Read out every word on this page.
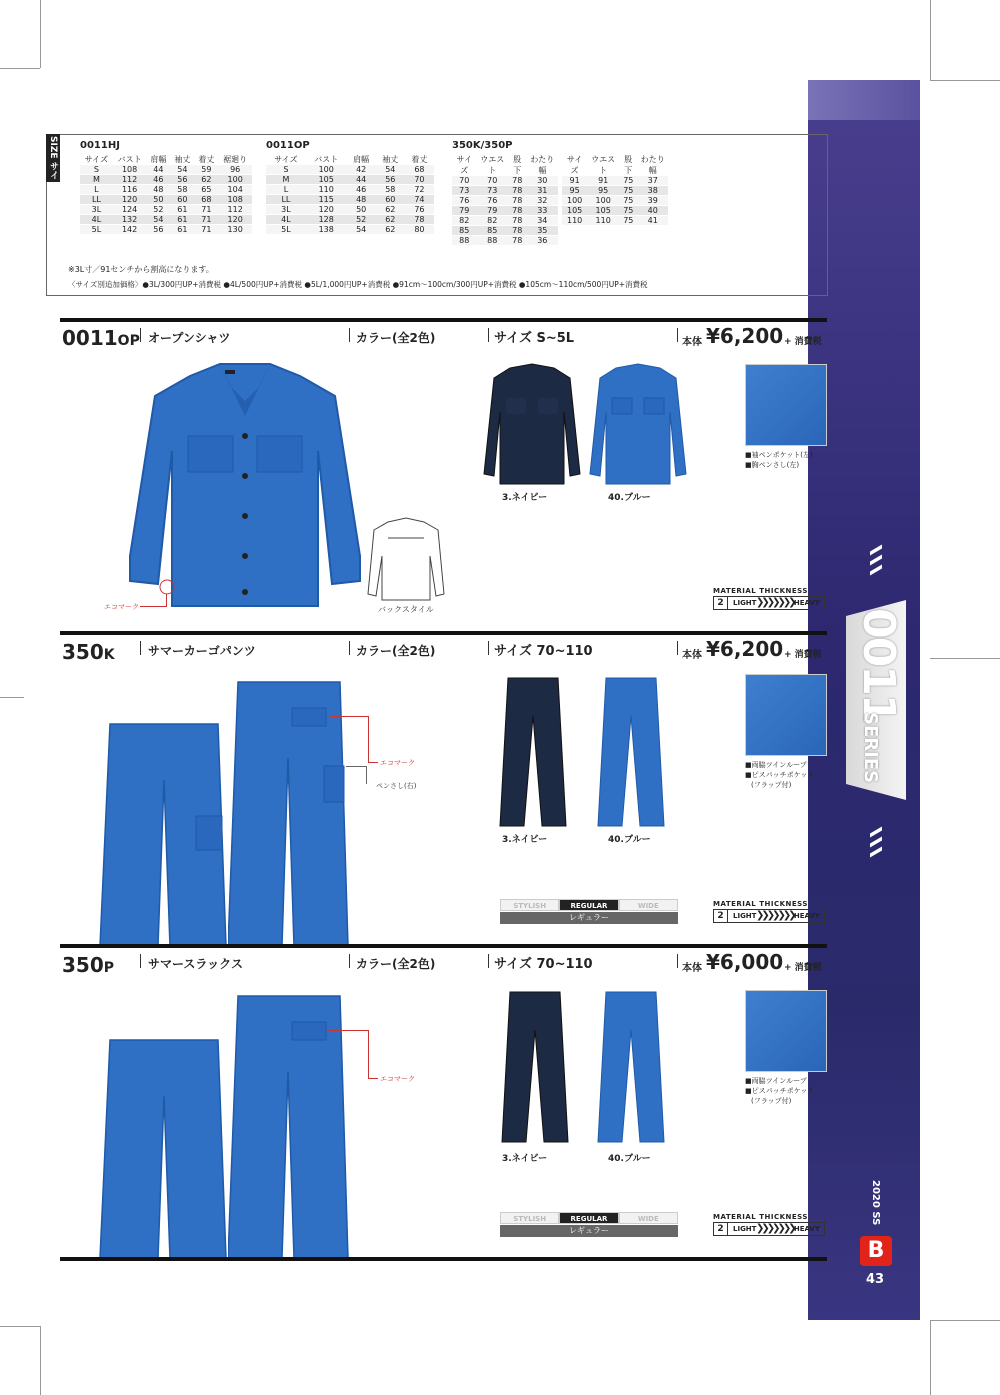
0011
SERIES
2020 SS
B
43
SIZE サイズ
0011HJ
サイズ	バスト	肩幅	袖丈	着丈	裾廻り
S	108	44	54	59	96
M	112	46	56	62	100
L	116	48	58	65	104
LL	120	50	60	68	108
3L	124	52	61	71	112
4L	132	54	61	71	120
5L	142	56	61	71	130
0011OP
サイズ	バスト	肩幅	袖丈	着丈
S	100	42	54	68
M	105	44	56	70
L	110	46	58	72
LL	115	48	60	74
3L	120	50	62	76
4L	128	52	62	78
5L	138	54	62	80
350K/350P
サイズ	ウエスト	股下	わたり幅
70	70	78	30
73	73	78	31
76	76	78	32
79	79	78	33
82	82	78	34
85	85	78	35
88	88	78	36
サイズ	ウエスト	股下	わたり幅
91	91	75	37
95	95	75	38
100	100	75	39
105	105	75	40
110	110	75	41
※3L寸／91センチから割高になります。
〈サイズ別追加価格〉●3L/300円UP+消費税 ●4L/500円UP+消費税 ●5L/1,000円UP+消費税 ●91cm～100cm/300円UP+消費税 ●105cm～110cm/500円UP+消費税
0011OP オープンシャツ	カラー(全2色)	サイズ S~5L	本体 ¥6,200 + 消費税
エコマーク	バックスタイル
3.ネイビー	40.ブルー
■袖ペンポケット(左)
■胸ペンさし(左)
MATERIAL THICKNESS
2	LIGHT ❯❯❯❯❯❯❯ HEAVY
350K	サマーカーゴパンツ	カラー(全2色)	サイズ 70~110	本体 ¥6,200 + 消費税
エコマーク
ペンさし(右)
3.ネイビー	40.ブルー
■両脇ツインループ
■ピスパッチポケット
(フラップ付)
STYLISH	REGULAR	WIDE
レギュラー
MATERIAL THICKNESS
2	LIGHT ❯❯❯❯❯❯❯ HEAVY
350P	サマースラックス	カラー(全2色)	サイズ 70~110	本体 ¥6,000 + 消費税
エコマーク
3.ネイビー	40.ブルー
■両脇ツインループ
■ピスパッチポケット
(フラップ付)
STYLISH	REGULAR	WIDE
レギュラー
MATERIAL THICKNESS
2	LIGHT ❯❯❯❯❯❯❯ HEAVY
